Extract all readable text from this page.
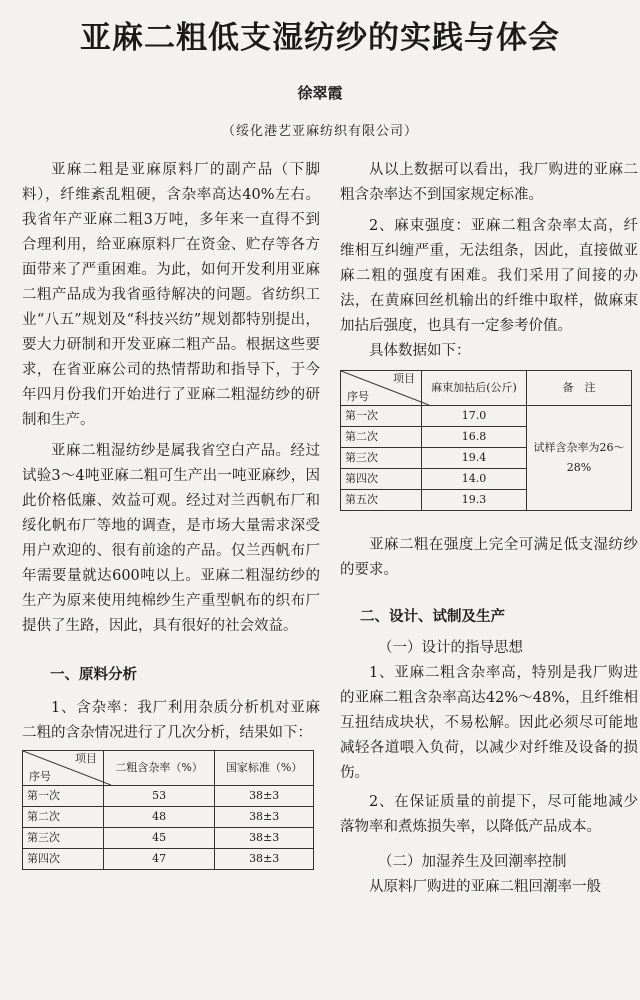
亚麻二粗低支湿纺纱的实践与体会
徐翠霞
（绥化港艺亚麻纺织有限公司）

亚麻二粗是亚麻原料厂的副产品（下脚料），纤维紊乱粗硬，含杂率高达40%左右。我省年产亚麻二粗3万吨，多年来一直得不到合理利用，给亚麻原料厂在资金、贮存等各方面带来了严重困难。为此，如何开发利用亚麻二粗产品成为我省亟待解决的问题。省纺织工业“八五”规划及“科技兴纺”规划都特别提出，要大力研制和开发亚麻二粗产品。根据这些要求，在省亚麻公司的热情帮助和指导下，于今年四月份我们开始进行了亚麻二粗湿纺纱的研制和生产。

亚麻二粗湿纺纱是属我省空白产品。经过试验3～4吨亚麻二粗可生产出一吨亚麻纱，因此价格低廉、效益可观。经过对兰西帆布厂和绥化帆布厂等地的调查，是市场大量需求深受用户欢迎的、很有前途的产品。仅兰西帆布厂年需要量就达600吨以上。亚麻二粗湿纺纱的生产为原来使用纯棉纱生产重型帆布的织布厂提供了生路，因此，具有很好的社会效益。

一、原料分析

1、含杂率：我厂利用杂质分析机对亚麻二粗的含杂情况进行了几次分析，结果如下：

项目
序号	二粗含杂率（%）	国家标准（%）
第一次	53	38±3
第二次	48	38±3
第三次	45	38±3
第四次	47	38±3

从以上数据可以看出，我厂购进的亚麻二粗含杂率达不到国家规定标准。

2、麻束强度：亚麻二粗含杂率太高，纤维相互纠缠严重，无法组条，因此，直接做亚麻二粗的强度有困难。我们采用了间接的办法，在黄麻回丝机输出的纤维中取样，做麻束加拈后强度，也具有一定参考价值。

具体数据如下：

项目
序号	麻束加拈后(公斤)	备　注
第一次	17.0	试样含杂率为26～28%
第二次	16.8	
第三次	19.4	
第四次	14.0	
第五次	19.3	

亚麻二粗在强度上完全可满足低支湿纺纱的要求。

二、设计、试制及生产
（一）设计的指导思想

1、亚麻二粗含杂率高，特别是我厂购进的亚麻二粗含杂率高达42%～48%，且纤维相互扭结成块状，不易松解。因此必须尽可能地减轻各道喂入负荷，以减少对纤维及设备的损伤。

2、在保证质量的前提下，尽可能地减少落物率和煮炼损失率，以降低产品成本。

（二）加湿养生及回潮率控制

从原料厂购进的亚麻二粗回潮率一般
